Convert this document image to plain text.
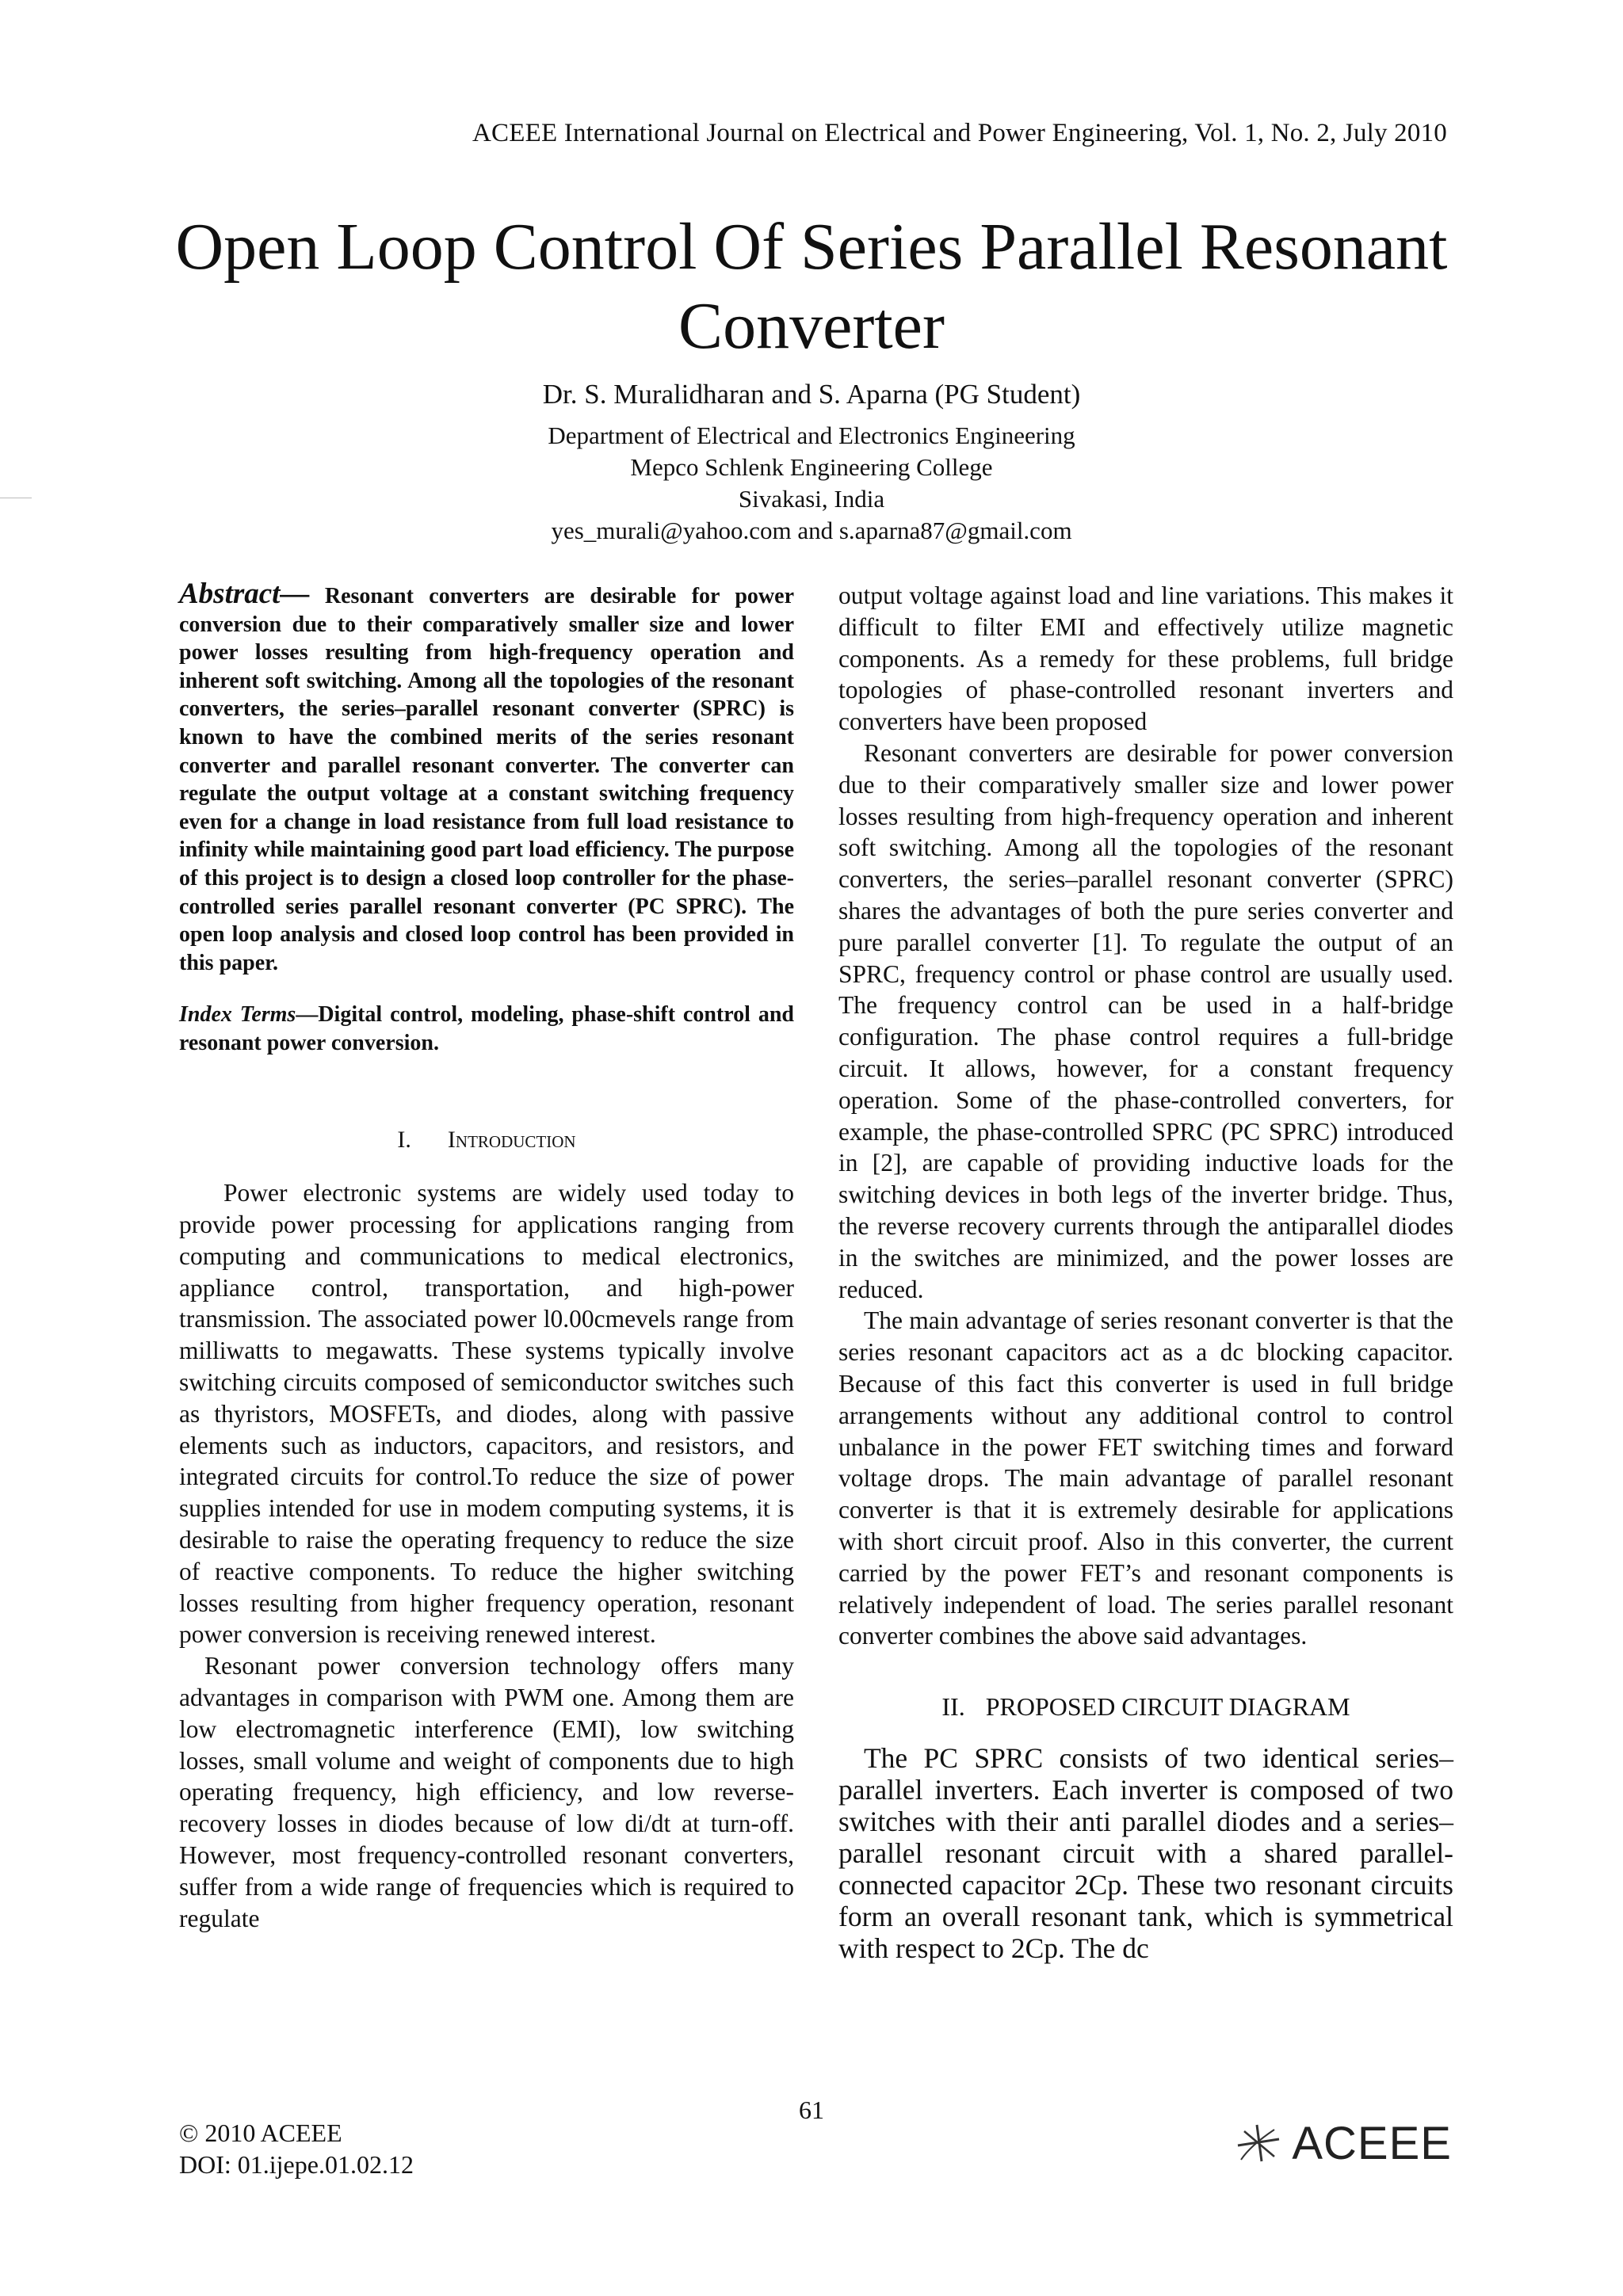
ACEEE International Journal on Electrical and Power Engineering, Vol. 1, No. 2, July 2010
Open Loop Control Of Series Parallel Resonant Converter
Dr. S. Muralidharan and S. Aparna (PG Student)
Department of Electrical and Electronics Engineering
Mepco Schlenk Engineering College
Sivakasi, India
yes_murali@yahoo.com and s.aparna87@gmail.com

Abstract— Resonant converters are desirable for power conversion due to their comparatively smaller size and lower power losses resulting from high-frequency operation and inherent soft switching. Among all the topologies of the resonant converters, the series–parallel resonant converter (SPRC) is known to have the combined merits of the series resonant converter and parallel resonant converter. The converter can regulate the output voltage at a constant switching frequency even for a change in load resistance from full load resistance to infinity while maintaining good part load efficiency. The purpose of this project is to design a closed loop controller for the phase-controlled series parallel resonant converter (PC SPRC). The open loop analysis and closed loop control has been provided in this paper.

Index Terms—Digital control, modeling, phase-shift control and resonant power conversion.

I. Introduction

Power electronic systems are widely used today to provide power processing for applications ranging from computing and communications to medical electronics, appliance control, transportation, and high-power transmission. The associated power l0.00cmevels range from milliwatts to megawatts. These systems typically involve switching circuits composed of semiconductor switches such as thyristors, MOSFETs, and diodes, along with passive elements such as inductors, capacitors, and resistors, and integrated circuits for control.To reduce the size of power supplies intended for use in modem computing systems, it is desirable to raise the operating frequency to reduce the size of reactive components. To reduce the higher switching losses resulting from higher frequency operation, resonant power conversion is receiving renewed interest.

Resonant power conversion technology offers many advantages in comparison with PWM one. Among them are low electromagnetic interference (EMI), low switching losses, small volume and weight of components due to high operating frequency, high efficiency, and low reverse-recovery losses in diodes because of low di/dt at turn-off. However, most frequency-controlled resonant converters, suffer from a wide range of frequencies which is required to regulate

output voltage against load and line variations. This makes it difficult to filter EMI and effectively utilize magnetic components. As a remedy for these problems, full bridge topologies of phase-controlled resonant inverters and converters have been proposed

Resonant converters are desirable for power conversion due to their comparatively smaller size and lower power losses resulting from high-frequency operation and inherent soft switching. Among all the topologies of the resonant converters, the series–parallel resonant converter (SPRC) shares the advantages of both the pure series converter and pure parallel converter [1]. To regulate the output of an SPRC, frequency control or phase control are usually used. The frequency control can be used in a half-bridge configuration. The phase control requires a full-bridge circuit. It allows, however, for a constant frequency operation. Some of the phase-controlled converters, for example, the phase-controlled SPRC (PC SPRC) introduced in [2], are capable of providing inductive loads for the switching devices in both legs of the inverter bridge. Thus, the reverse recovery currents through the antiparallel diodes in the switches are minimized, and the power losses are reduced.

The main advantage of series resonant converter is that the series resonant capacitors act as a dc blocking capacitor. Because of this fact this converter is used in full bridge arrangements without any additional control to control unbalance in the power FET switching times and forward voltage drops. The main advantage of parallel resonant converter is that it is extremely desirable for applications with short circuit proof. Also in this converter, the current carried by the power FET’s and resonant components is relatively independent of load. The series parallel resonant converter combines the above said advantages.

II. PROPOSED CIRCUIT DIAGRAM

The PC SPRC consists of two identical series–parallel inverters. Each inverter is composed of two switches with their anti parallel diodes and a series–parallel resonant circuit with a shared parallel-connected capacitor 2Cp. These two resonant circuits form an overall resonant tank, which is symmetrical with respect to 2Cp. The dc

61
© 2010 ACEEE
DOI: 01.ijepe.01.02.12	ACEEE
